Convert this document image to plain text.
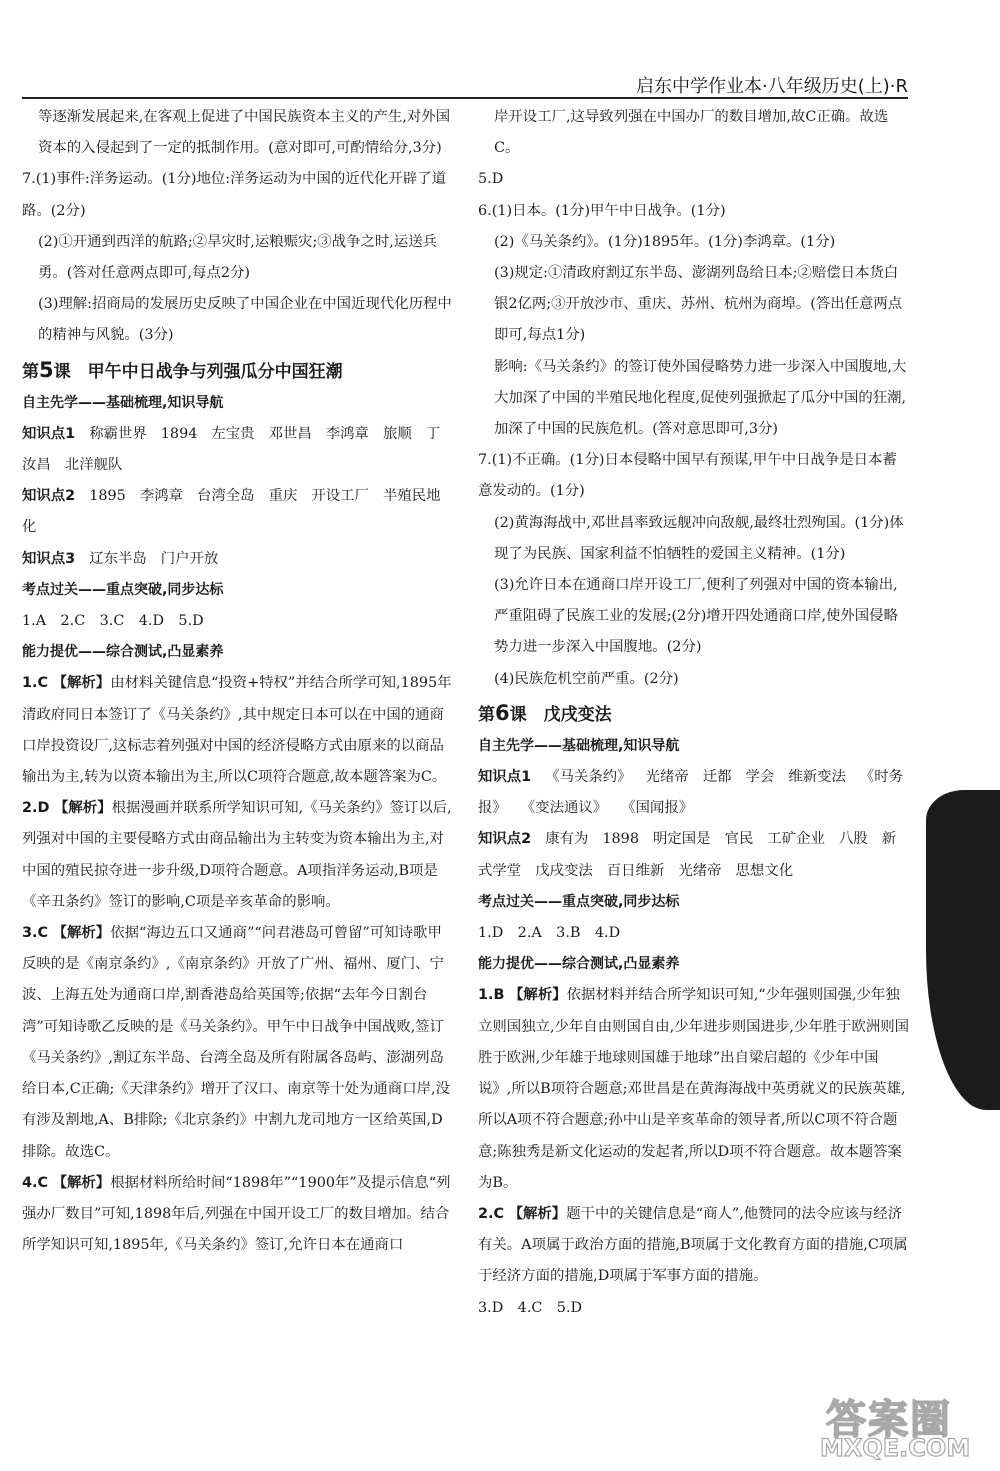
启东中学作业本·八年级历史(上)·R

等逐渐发展起来,在客观上促进了中国民族资本主义的产生,对外国资本的入侵起到了一定的抵制作用。(意对即可,可酌情给分,3分)

7.(1)事件:洋务运动。(1分)地位:洋务运动为中国的近代化开辟了道路。(2分)

(2)①开通到西洋的航路;②旱灾时,运粮赈灾;③战争之时,运送兵勇。(答对任意两点即可,每点2分)

(3)理解:招商局的发展历史反映了中国企业在中国近现代化历程中的精神与风貌。(3分)

第5课　甲午中日战争与列强瓜分中国狂潮

自主先学——基础梳理,知识导航

知识点1 称霸世界 1894 左宝贵 邓世昌 李鸿章 旅顺 丁汝昌 北洋舰队

知识点2 1895 李鸿章 台湾全岛 重庆 开设工厂 半殖民地化

知识点3 辽东半岛 门户开放

考点过关——重点突破,同步达标

1.A　2.C　3.C　4.D　5.D

能力提优——综合测试,凸显素养

1.C 【解析】由材料关键信息“投资+特权”并结合所学可知,1895年清政府同日本签订了《马关条约》,其中规定日本可以在中国的通商口岸投资设厂,这标志着列强对中国的经济侵略方式由原来的以商品输出为主,转为以资本输出为主,所以C项符合题意,故本题答案为C。

2.D 【解析】根据漫画并联系所学知识可知,《马关条约》签订以后,列强对中国的主要侵略方式由商品输出为主转变为资本输出为主,对中国的殖民掠夺进一步升级,D项符合题意。A项指洋务运动,B项是《辛丑条约》签订的影响,C项是辛亥革命的影响。

3.C 【解析】依据“海边五口又通商”“问君港岛可曾留”可知诗歌甲反映的是《南京条约》,《南京条约》开放了广州、福州、厦门、宁波、上海五处为通商口岸,割香港岛给英国等;依据“去年今日割台湾”可知诗歌乙反映的是《马关条约》。甲午中日战争中国战败,签订《马关条约》,割辽东半岛、台湾全岛及所有附属各岛屿、澎湖列岛给日本,C正确;《天津条约》增开了汉口、南京等十处为通商口岸,没有涉及割地,A、B排除;《北京条约》中割九龙司地方一区给英国,D排除。故选C。

4.C 【解析】根据材料所给时间“1898年”“1900年”及提示信息“列强办厂数目”可知,1898年后,列强在中国开设工厂的数目增加。结合所学知识可知,1895年,《马关条约》签订,允许日本在通商口

岸开设工厂,这导致列强在中国办厂的数目增加,故C正确。故选C。

5.D

6.(1)日本。(1分)甲午中日战争。(1分)

(2)《马关条约》。(1分)1895年。(1分)李鸿章。(1分)

(3)规定:①清政府割辽东半岛、澎湖列岛给日本;②赔偿日本货白银2亿两;③开放沙市、重庆、苏州、杭州为商埠。(答出任意两点即可,每点1分)

影响:《马关条约》的签订使外国侵略势力进一步深入中国腹地,大大加深了中国的半殖民地化程度,促使列强掀起了瓜分中国的狂潮,加深了中国的民族危机。(答对意思即可,3分)

7.(1)不正确。(1分)日本侵略中国早有预谋,甲午中日战争是日本蓄意发动的。(1分)

(2)黄海海战中,邓世昌率致远舰冲向敌舰,最终壮烈殉国。(1分)体现了为民族、国家利益不怕牺牲的爱国主义精神。(1分)

(3)允许日本在通商口岸开设工厂,便利了列强对中国的资本输出,严重阻碍了民族工业的发展;(2分)增开四处通商口岸,使外国侵略势力进一步深入中国腹地。(2分)

(4)民族危机空前严重。(2分)

第6课　戊戌变法

自主先学——基础梳理,知识导航

知识点1 《马关条约》 光绪帝 迁都 学会 维新变法 《时务报》 《变法通议》 《国闻报》

知识点2 康有为 1898 明定国是 官民 工矿企业 八股 新式学堂 戊戌变法 百日维新 光绪帝 思想文化

考点过关——重点突破,同步达标

1.D　2.A　3.B　4.D

能力提优——综合测试,凸显素养

1.B 【解析】依据材料并结合所学知识可知,“少年强则国强,少年独立则国独立,少年自由则国自由,少年进步则国进步,少年胜于欧洲则国胜于欧洲,少年雄于地球则国雄于地球”出自梁启超的《少年中国说》,所以B项符合题意;邓世昌是在黄海海战中英勇就义的民族英雄,所以A项不符合题意;孙中山是辛亥革命的领导者,所以C项不符合题意;陈独秀是新文化运动的发起者,所以D项不符合题意。故本题答案为B。

2.C 【解析】题干中的关键信息是“商人”,他赞同的法令应该与经济有关。A项属于政治方面的措施,B项属于文化教育方面的措施,C项属于经济方面的措施,D项属于军事方面的措施。

3.D　4.C　5.D

答案圈
MXQE.COM
